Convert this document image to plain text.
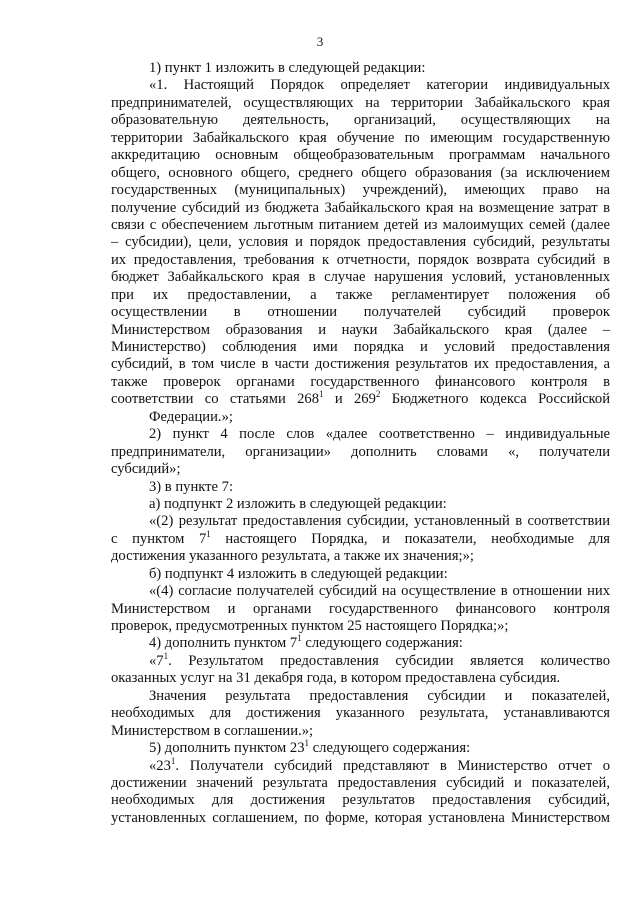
3
1) пункт 1 изложить в следующей редакции:
«1. Настоящий Порядок определяет категории индивидуальных
предпринимателей, осуществляющих на территории Забайкальского края
образовательную деятельность, организаций, осуществляющих на
территории Забайкальского края обучение по имеющим государственную
аккредитацию основным общеобразовательным программам начального
общего, основного общего, среднего общего образования (за исключением
государственных (муниципальных) учреждений), имеющих право на
получение субсидий из бюджета Забайкальского края на возмещение затрат в
связи с обеспечением льготным питанием детей из малоимущих семей (далее
– субсидии), цели, условия и порядок предоставления субсидий, результаты
их предоставления, требования к отчетности, порядок возврата субсидий в
бюджет Забайкальского края в случае нарушения условий, установленных
при их предоставлении, а также регламентирует положения об
осуществлении в отношении получателей субсидий проверок
Министерством образования и науки Забайкальского края (далее –
Министерство) соблюдения ими порядка и условий предоставления
субсидий, в том числе в части достижения результатов их предоставления, а
также проверок органами государственного финансового контроля в
соответствии со статьями $268^1$ и $269^2$ Бюджетного кодекса Российской
Федерации.»;
2) пункт 4 после слов «далее соответственно – индивидуальные
предприниматели, организации» дополнить словами «, получатели
субсидий»;
3) в пункте 7:
а) подпункт 2 изложить в следующей редакции:
«(2) результат предоставления субсидии, установленный в соответствии
с пунктом $7^1$ настоящего Порядка, и показатели, необходимые для
достижения указанного результата, а также их значения;»;
б) подпункт 4 изложить в следующей редакции:
«(4) согласие получателей субсидий на осуществление в отношении них
Министерством и органами государственного финансового контроля
проверок, предусмотренных пунктом 25 настоящего Порядка;»;
4) дополнить пунктом $7^1$ следующего содержания:
«$7^1$. Результатом предоставления субсидии является количество
оказанных услуг на 31 декабря года, в котором предоставлена субсидия.
Значения результата предоставления субсидии и показателей,
необходимых для достижения указанного результата, устанавливаются
Министерством в соглашении.»;
5) дополнить пунктом $23^1$ следующего содержания:
«$23^1$. Получатели субсидий представляют в Министерство отчет о
достижении значений результата предоставления субсидий и показателей,
необходимых для достижения результатов предоставления субсидий,
установленных соглашением, по форме, которая установлена Министерством
